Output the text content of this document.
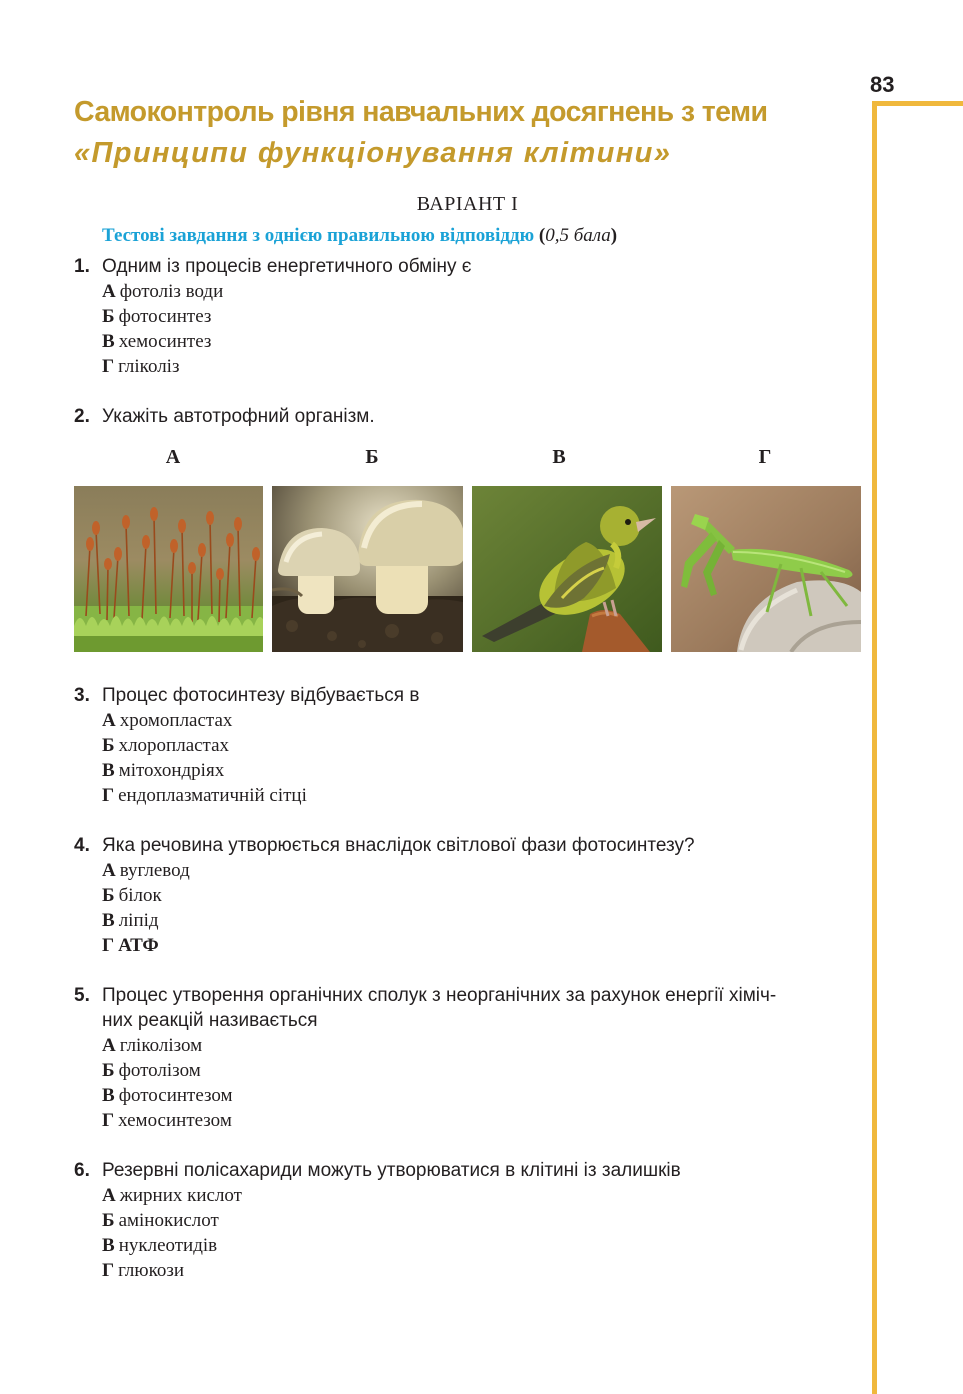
83
Самоконтроль рівня навчальних досягнень з теми
«Принципи функціонування клітини»
ВАРІАНТ І
Тестові завдання з однією правильною відповіддю (0,5 бала)
1. Одним із процесів енергетичного обміну є
А фотоліз води
Б фотосинтез
В хемосинтез
Г гліколіз
2. Укажіть автотрофний організм.
А	Б	В	Г
3. Процес фотосинтезу відбувається в
А хромопластах
Б хлоропластах
В мітохондріях
Г ендоплазматичній сітці
4. Яка речовина утворюється внаслідок світлової фази фотосинтезу?
А вуглевод
Б білок
В ліпід
Г АТФ
5. Процес утворення органічних сполук з неорганічних за рахунок енергії хіміч-
них реакцій називається
А гліколізом
Б фотолізом
В фотосинтезом
Г хемосинтезом
6. Резервні полісахариди можуть утворюватися в клітині із залишків
А жирних кислот
Б амінокислот
В нуклеотидів
Г глюкози
